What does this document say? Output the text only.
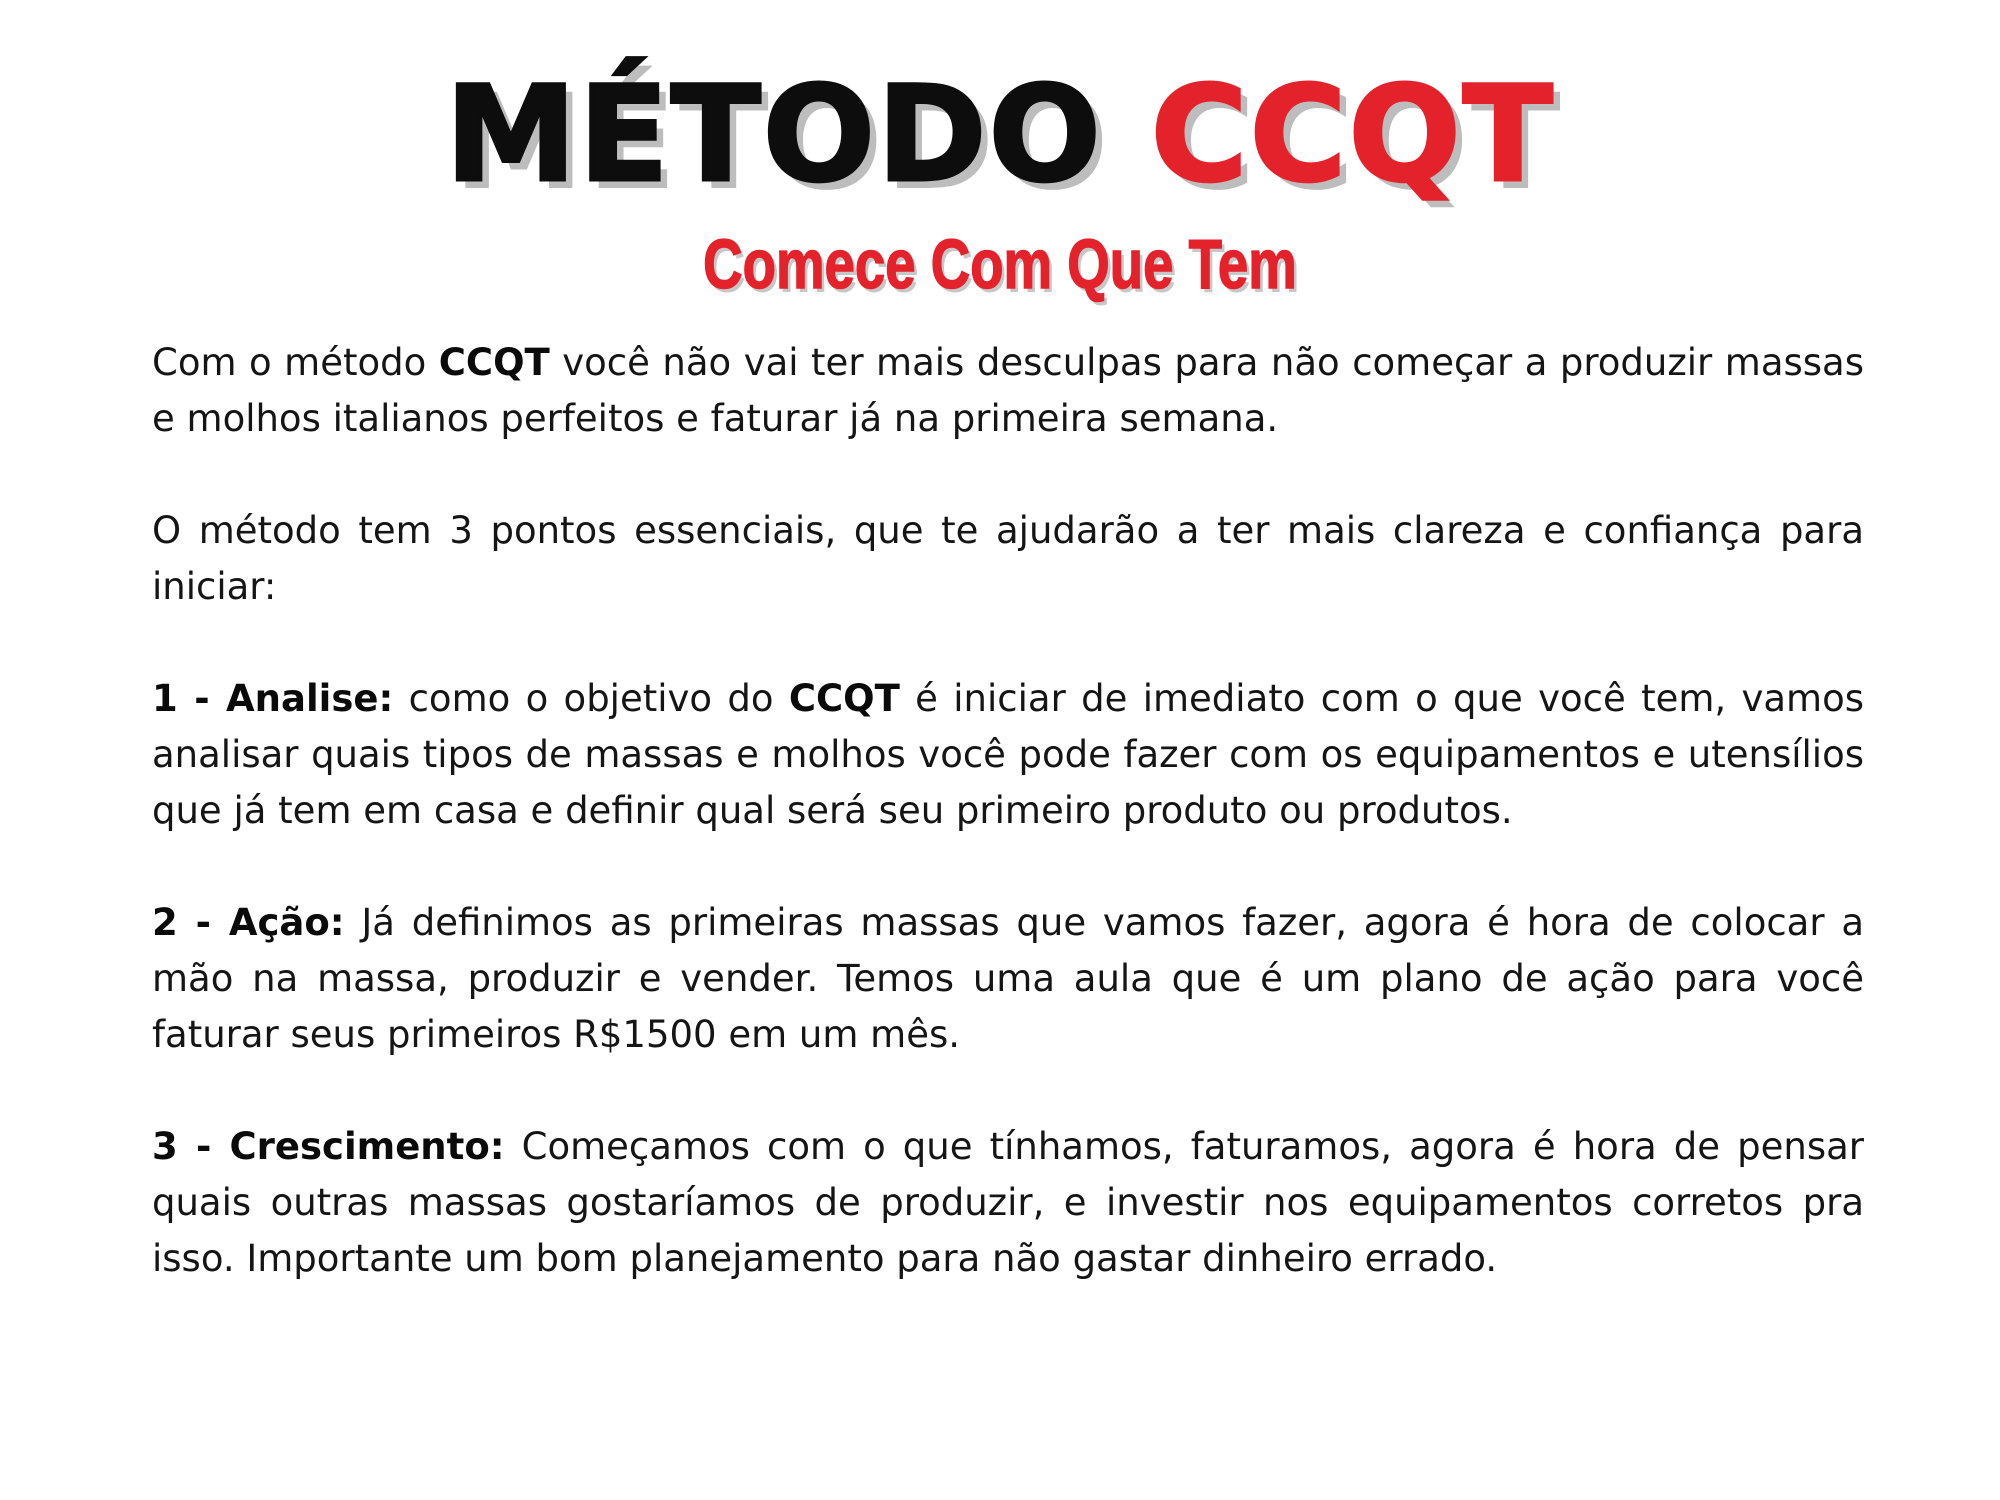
MÉTODO CCQT
Comece Com Que Tem

Com o método CCQT você não vai ter mais desculpas para não começar a produzir massas e molhos italianos perfeitos e faturar já na primeira semana.

O método tem 3 pontos essenciais, que te ajudarão a ter mais clareza e confiança para iniciar:

1 - Analise: como o objetivo do CCQT é iniciar de imediato com o que você tem, vamos analisar quais tipos de massas e molhos você pode fazer com os equipamentos e utensílios que já tem em casa e definir qual será seu primeiro produto ou produtos.

2 - Ação: Já definimos as primeiras massas que vamos fazer, agora é hora de colocar a mão na massa, produzir e vender. Temos uma aula que é um plano de ação para você faturar seus primeiros R$1500 em um mês.

3 - Crescimento: Começamos com o que tínhamos, faturamos, agora é hora de pensar quais outras massas gostaríamos de produzir, e investir nos equipamentos corretos pra isso. Importante um bom planejamento para não gastar dinheiro errado.
